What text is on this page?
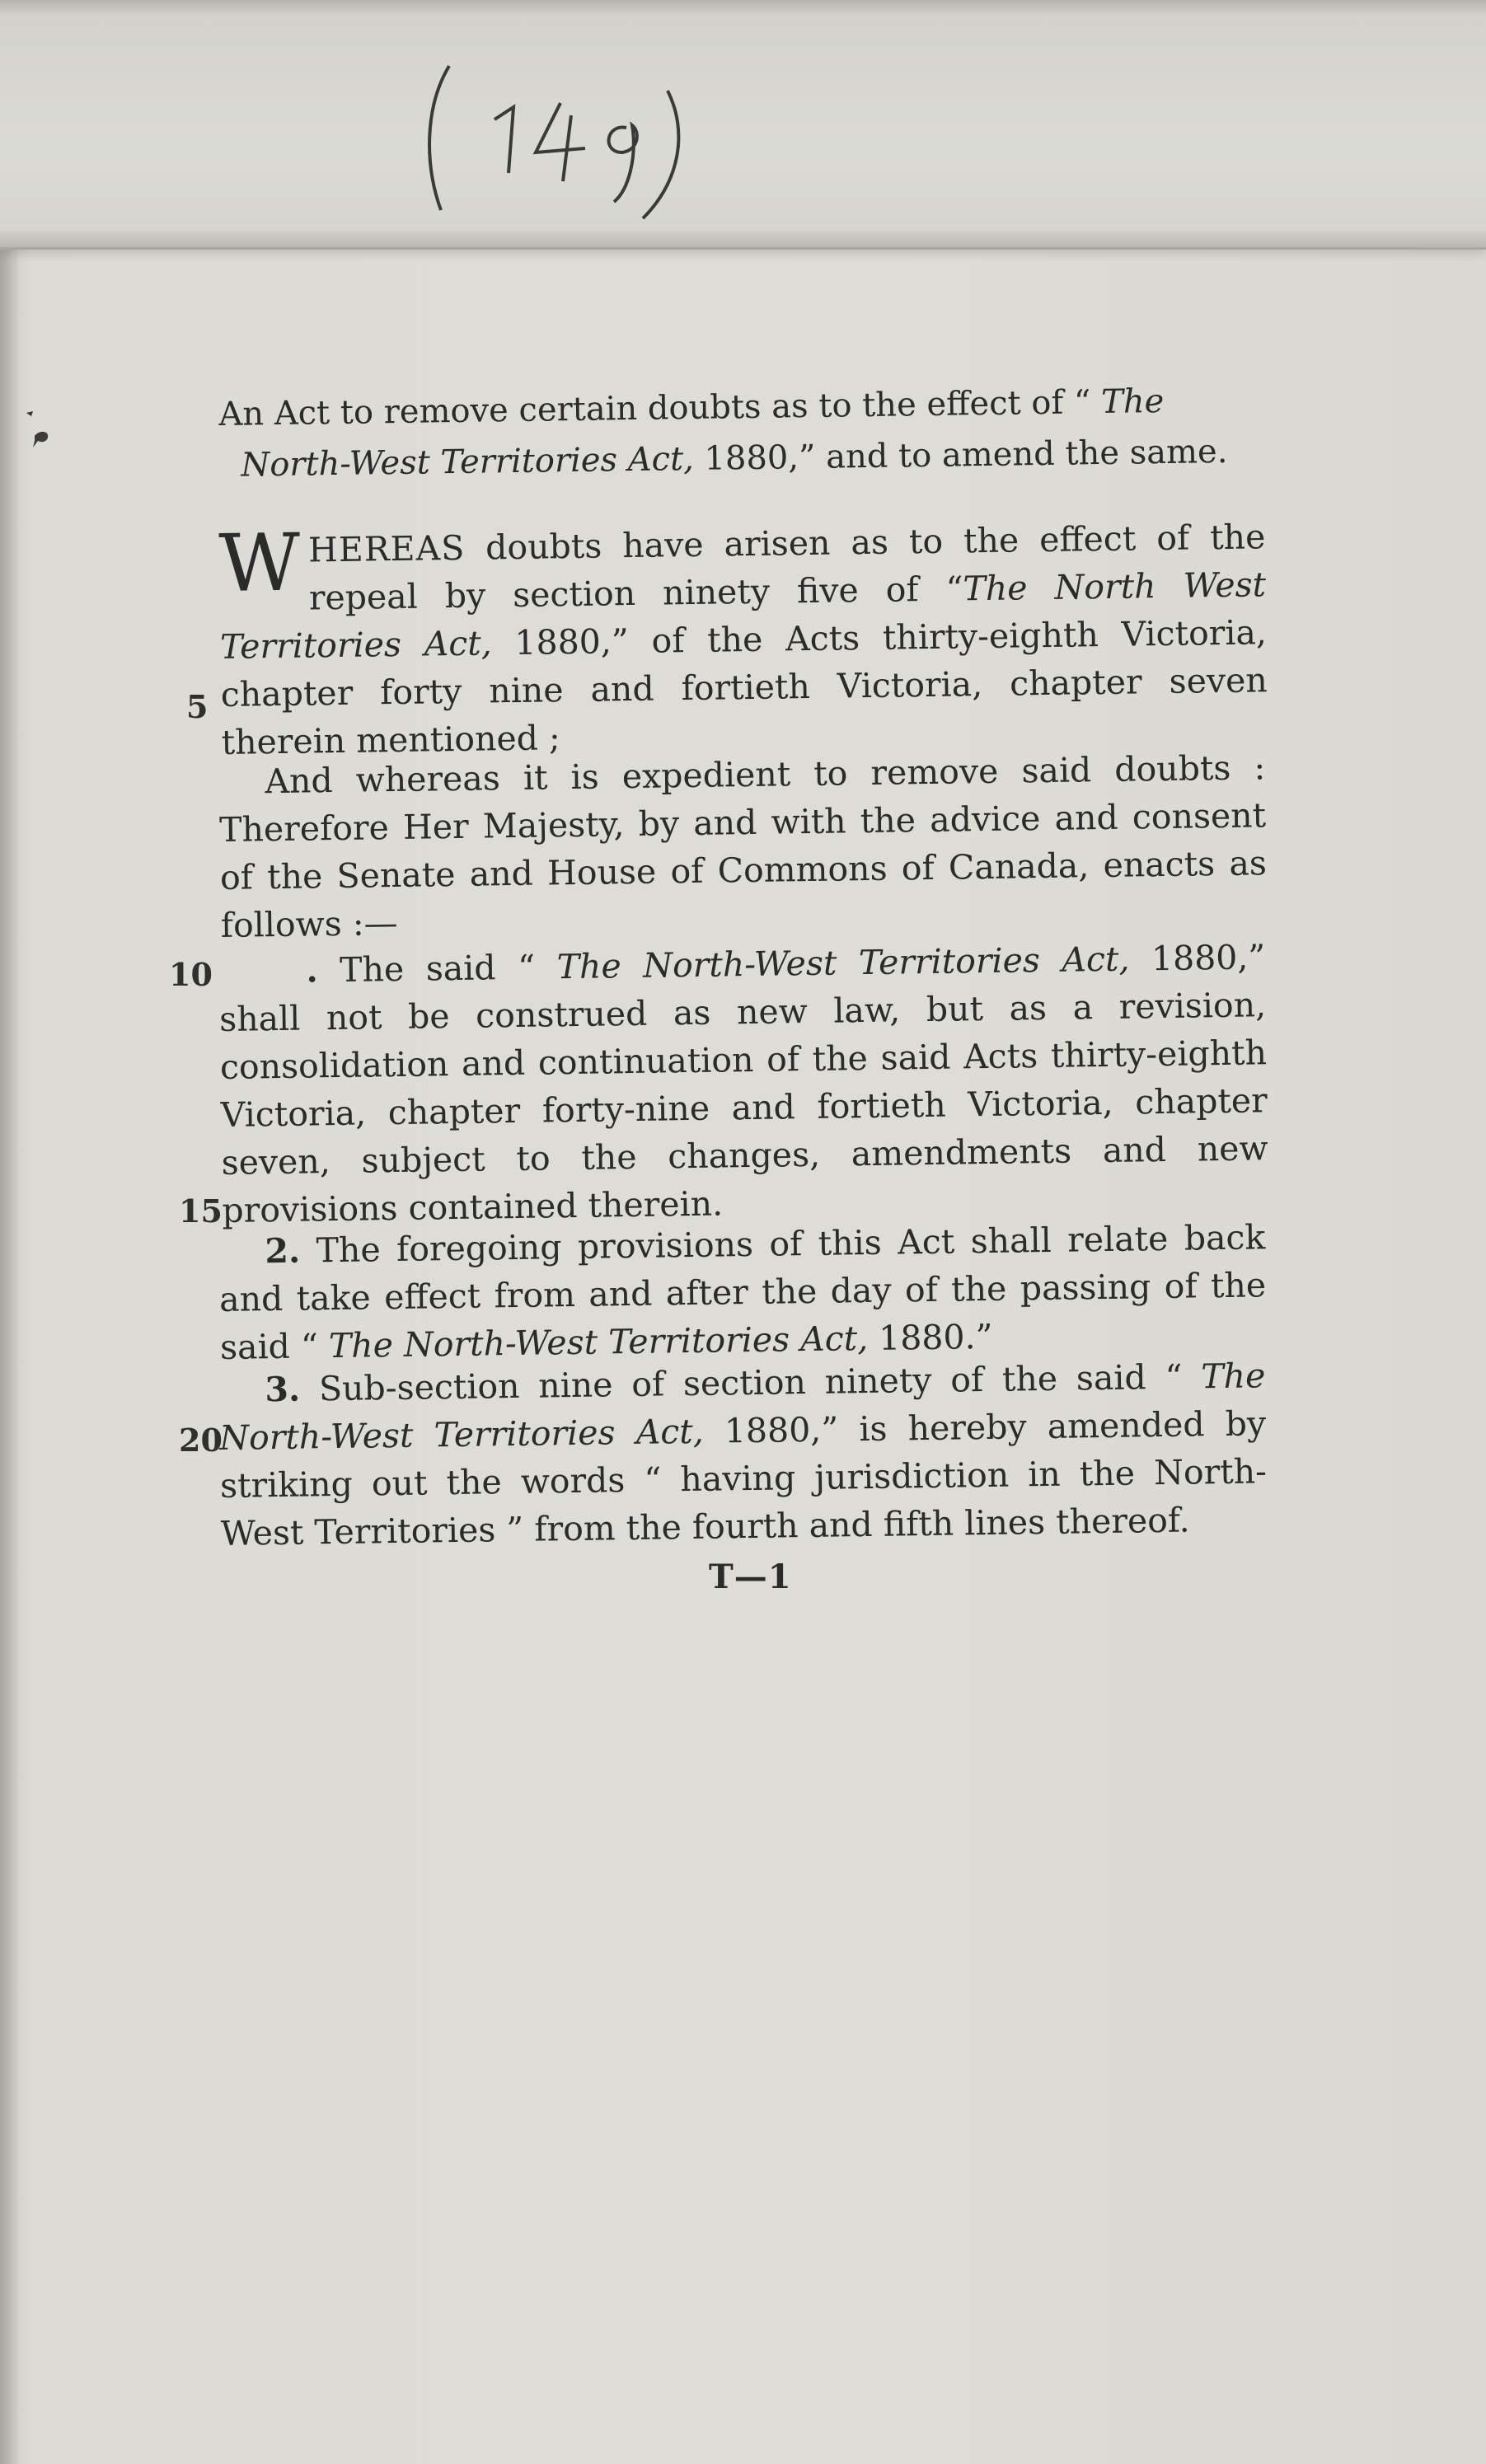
An Act to remove certain doubts as to the effect of “ The
North-West Territories Act, 1880,” and to amend the same.
WHEREAS doubts have arisen as to the effect of the repeal by section ninety five of “The North West Territories Act, 1880,” of the Acts thirty-eighth Victoria, chapter forty nine and fortieth Victoria, chapter seven therein mentioned ;
And whereas it is expedient to remove said doubts : Therefore Her Majesty, by and with the advice and consent of the Senate and House of Commons of Canada, enacts as follows :—
. The said “ The North-West Territories Act, 1880,” shall not be construed as new law, but as a revision, consolidation and continuation of the said Acts thirty-eighth Victoria, chapter forty-nine and fortieth Victoria, chapter seven, subject to the changes, amendments and new provisions contained therein.
2. The foregoing provisions of this Act shall relate back and take effect from and after the day of the passing of the said “ The North-West Territories Act, 1880.”
3. Sub-section nine of section ninety of the said “ The North-West Territories Act, 1880,” is hereby amended by striking out the words “ having jurisdiction in the North-West Territories ” from the fourth and fifth lines thereof.
5
10
15
20
T—1
